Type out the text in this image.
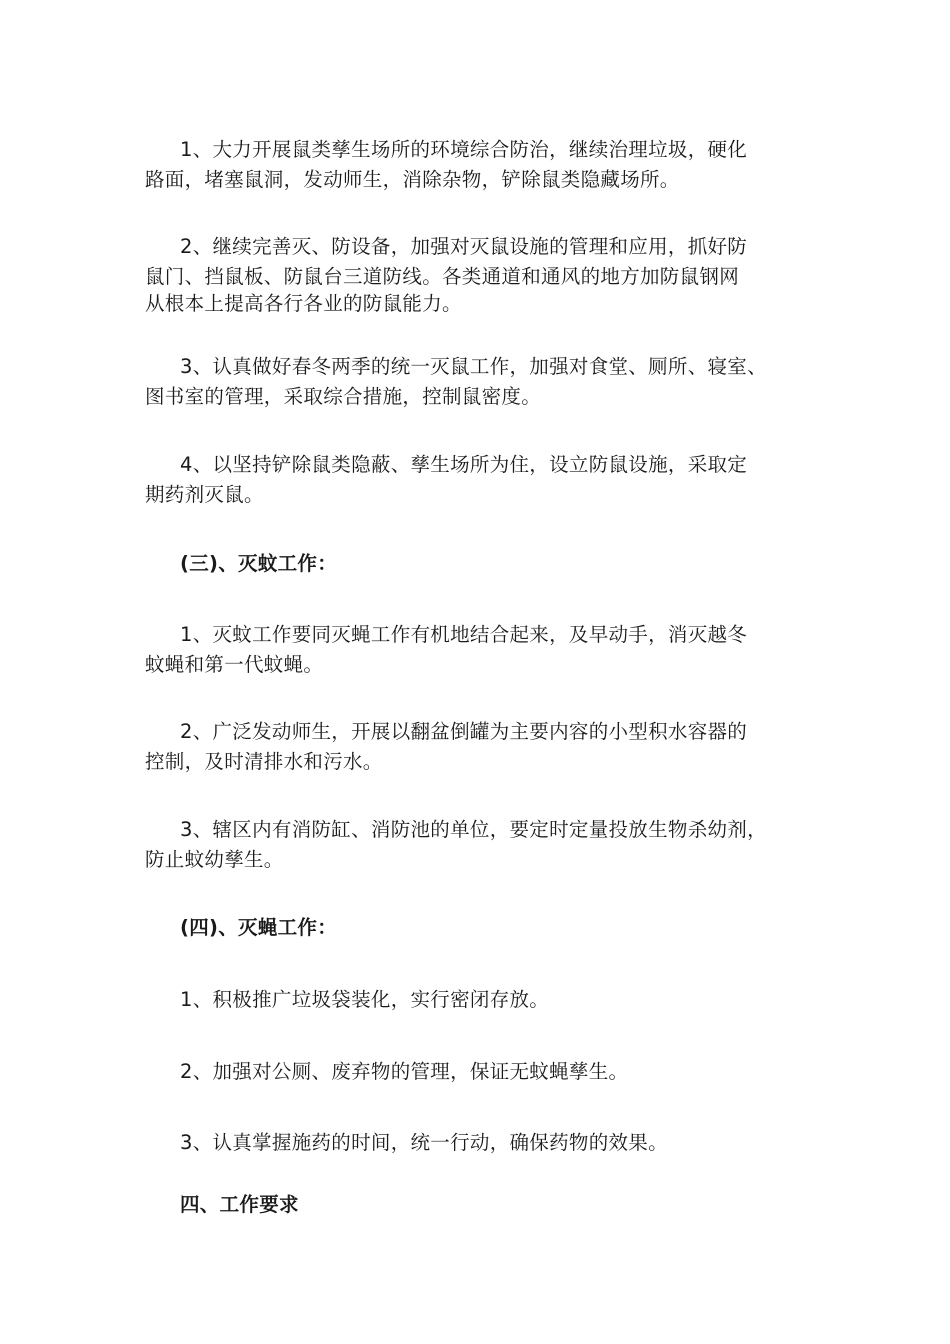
1、大力开展鼠类孳生场所的环境综合防治，继续治理垃圾，硬化
路面，堵塞鼠洞，发动师生，消除杂物，铲除鼠类隐藏场所。

2、继续完善灭、防设备，加强对灭鼠设施的管理和应用，抓好防
鼠门、挡鼠板、防鼠台三道防线。各类通道和通风的地方加防鼠钢网
从根本上提高各行各业的防鼠能力。

3、认真做好春冬两季的统一灭鼠工作，加强对食堂、厕所、寝室、
图书室的管理，采取综合措施，控制鼠密度。

4、以坚持铲除鼠类隐蔽、孳生场所为住，设立防鼠设施，采取定
期药剂灭鼠。

(三)、灭蚊工作：

1、灭蚊工作要同灭蝇工作有机地结合起来，及早动手，消灭越冬
蚊蝇和第一代蚊蝇。

2、广泛发动师生，开展以翻盆倒罐为主要内容的小型积水容器的
控制，及时清排水和污水。

3、辖区内有消防缸、消防池的单位，要定时定量投放生物杀幼剂，
防止蚊幼孳生。

(四)、灭蝇工作：

1、积极推广垃圾袋装化，实行密闭存放。

2、加强对公厕、废弃物的管理，保证无蚊蝇孳生。

3、认真掌握施药的时间，统一行动，确保药物的效果。

四、工作要求
